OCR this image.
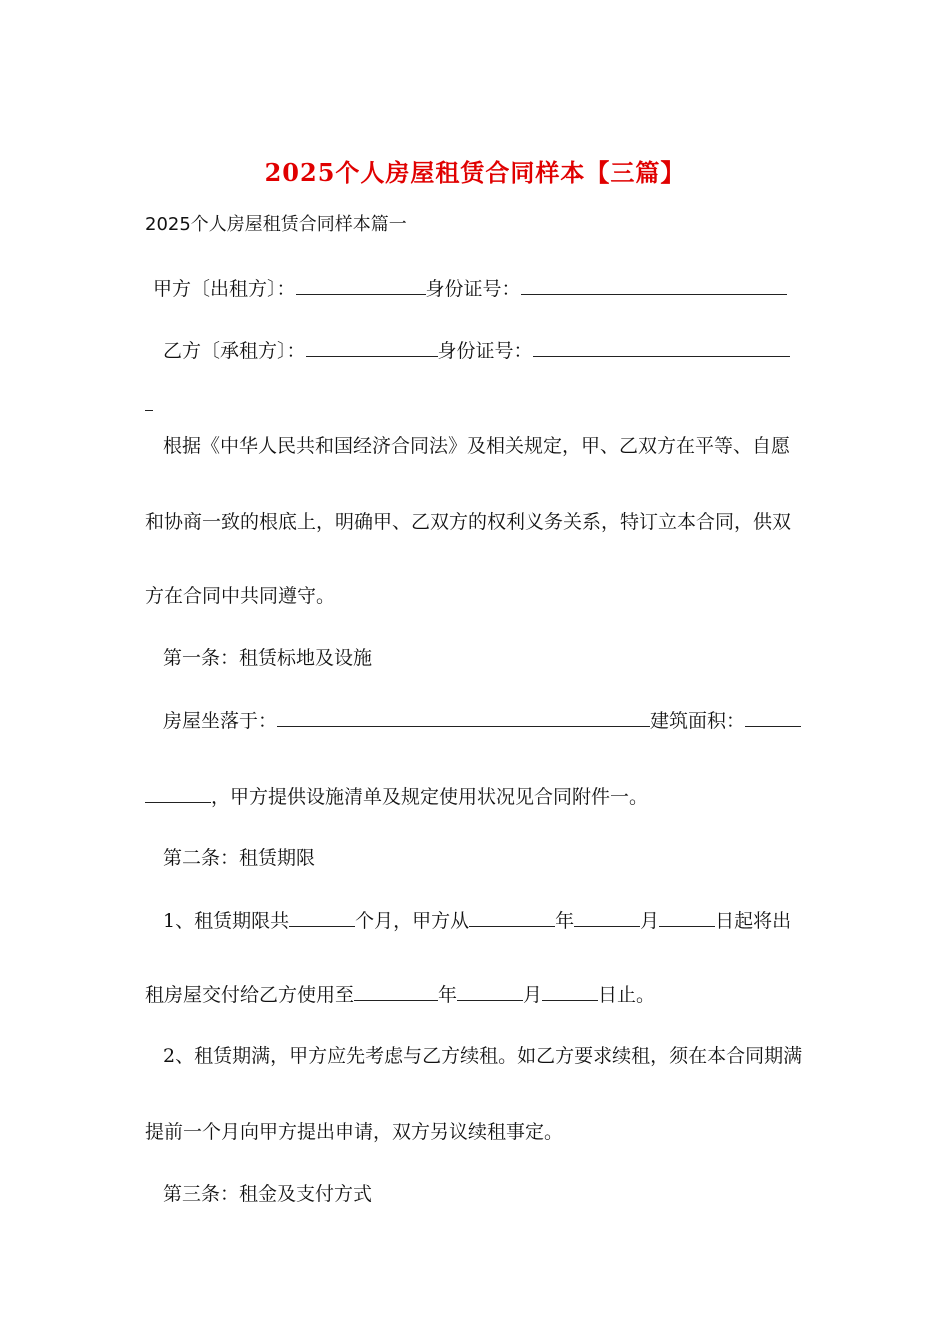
2025个人房屋租赁合同样本【三篇】
2025个人房屋租赁合同样本篇一
甲方〔出租方〕：	身份证号：
乙方〔承租方〕：	身份证号：
根据《中华人民共和国经济合同法》及相关规定，甲、乙双方在平等、自愿
和协商一致的根底上，明确甲、乙双方的权利义务关系，特订立本合同，供双
方在合同中共同遵守。
第一条：租赁标地及设施
房屋坐落于：	建筑面积：
，甲方提供设施清单及规定使用状况见合同附件一。
第二条：租赁期限
1、租赁期限共	个月，甲方从	年	月	日起将出
租房屋交付给乙方使用至	年	月	日止。
2、租赁期满，甲方应先考虑与乙方续租。如乙方要求续租，须在本合同期满
提前一个月向甲方提出申请，双方另议续租事定。
第三条：租金及支付方式
